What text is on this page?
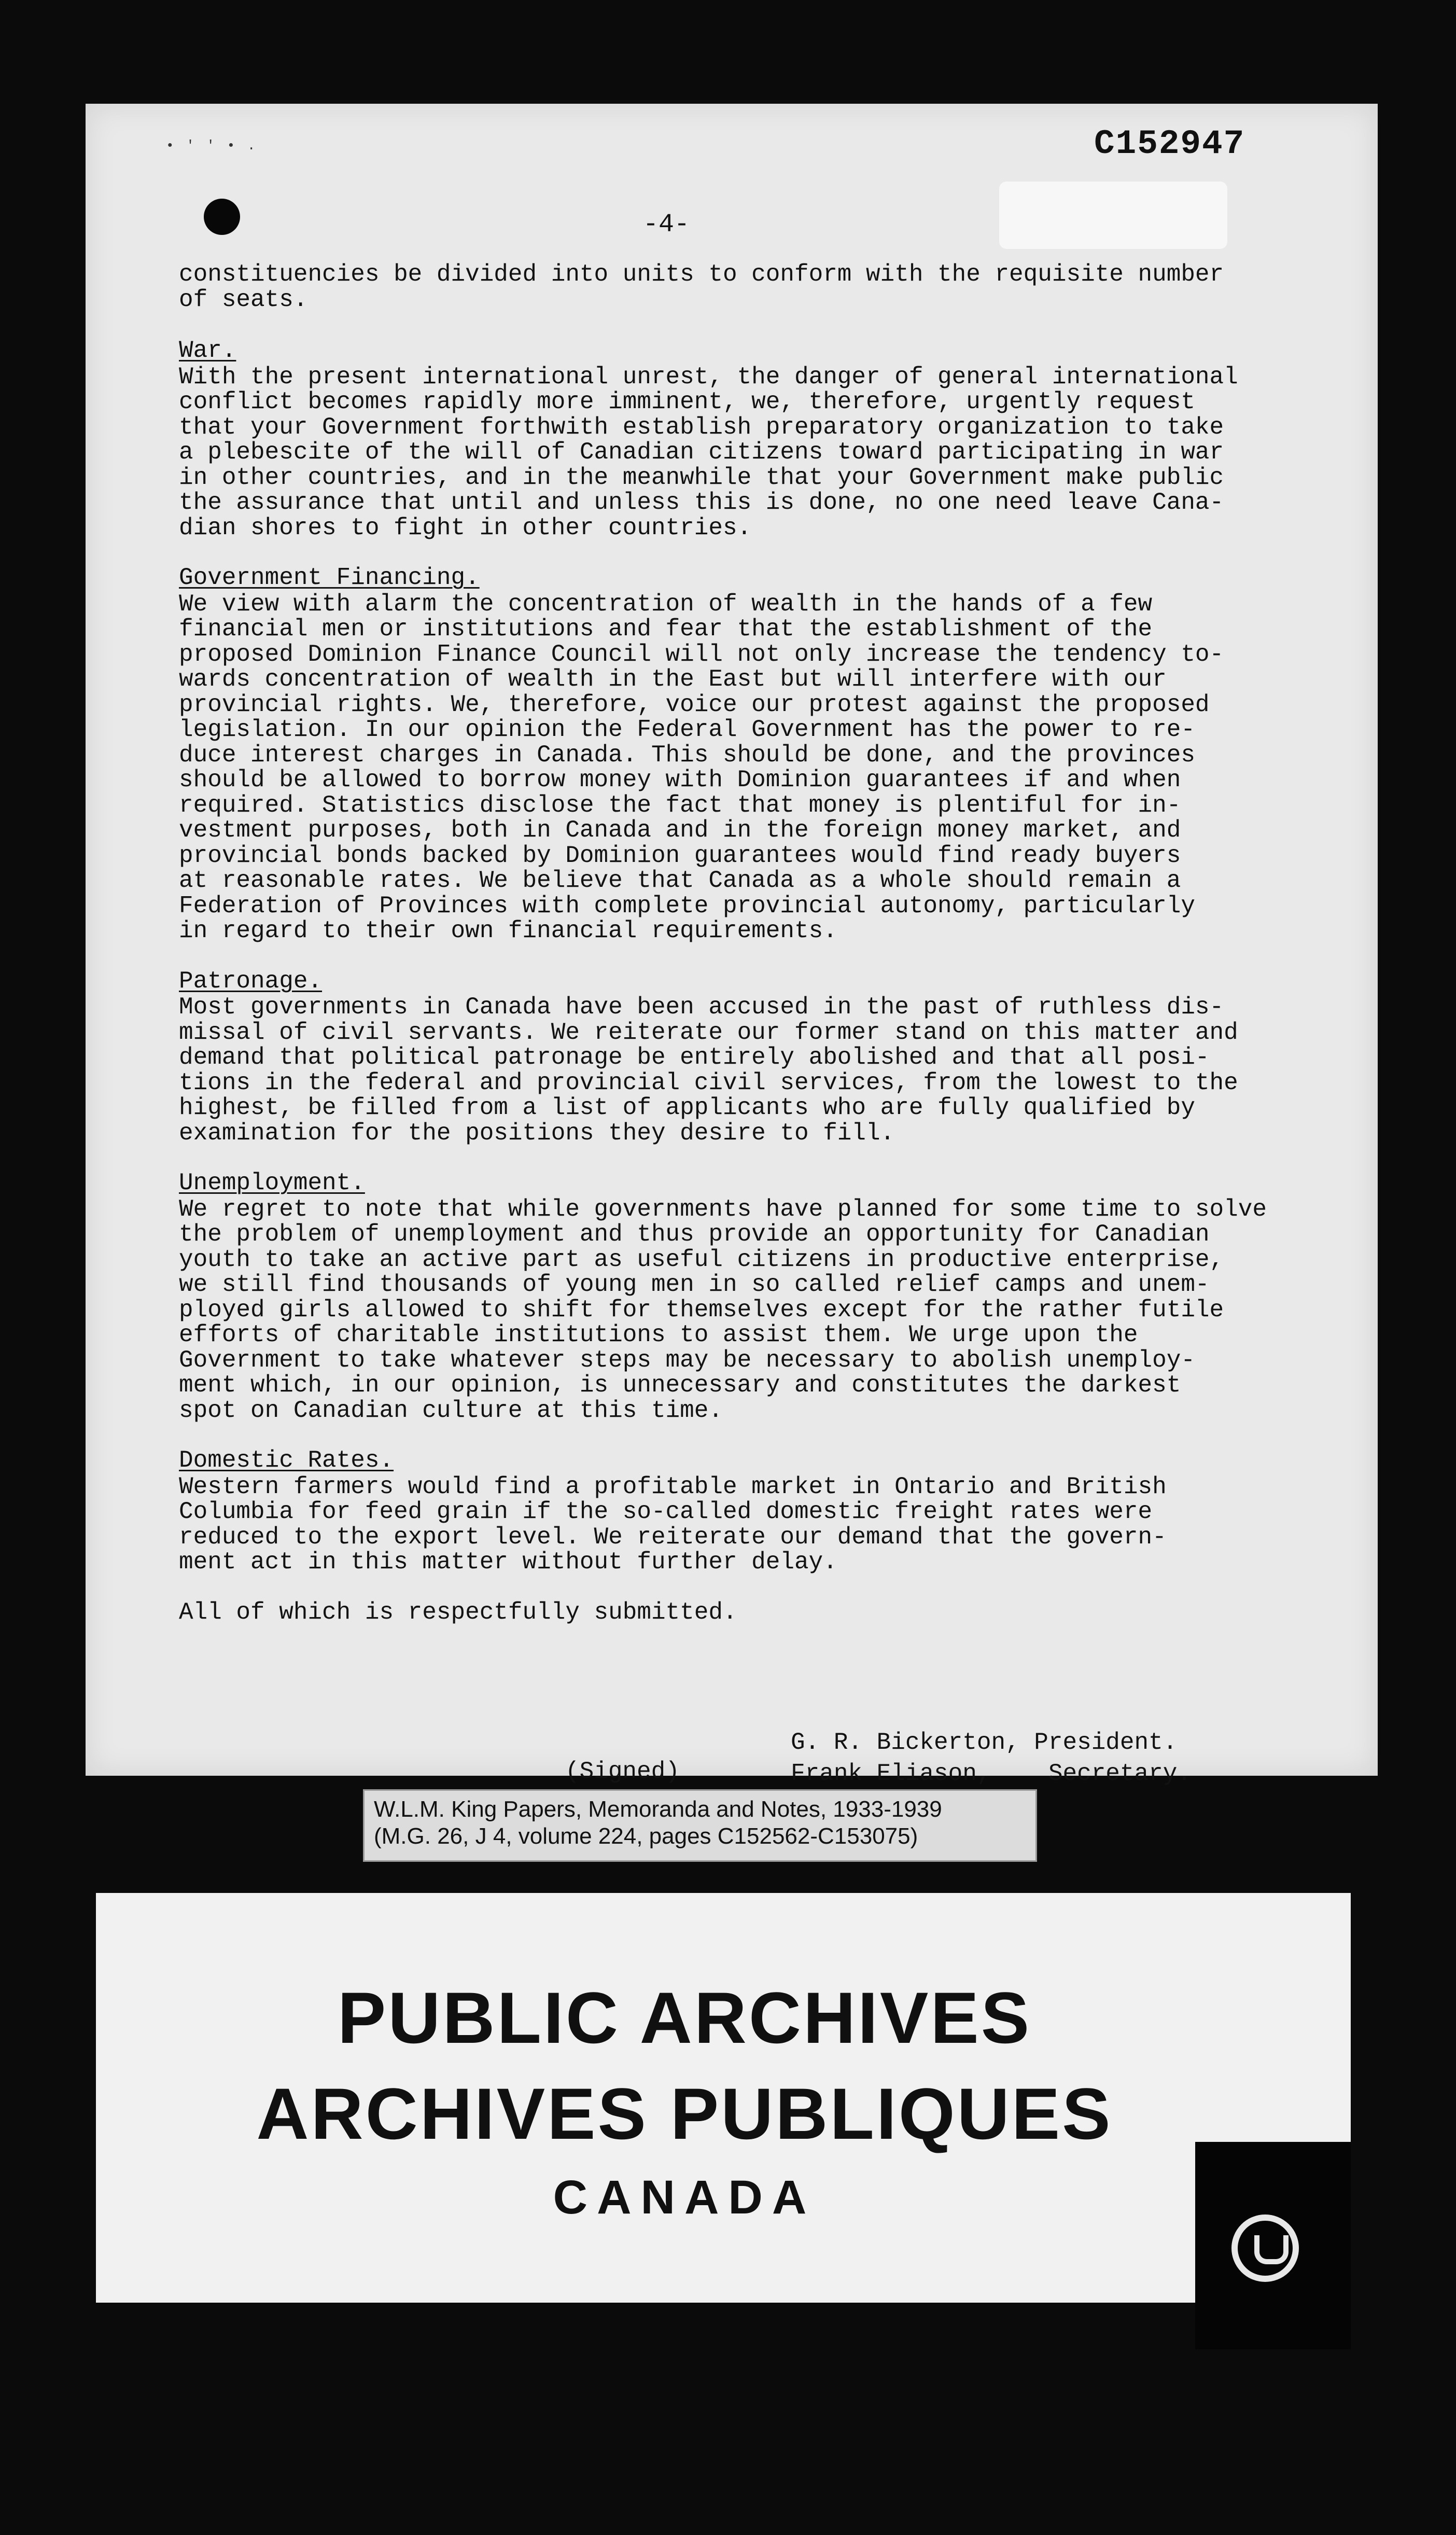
• ' ' • .	C152947
-4-
constituencies be divided into units to conform with the requisite number
of seats.
War.
With the present international unrest, the danger of general international
conflict becomes rapidly more imminent, we, therefore, urgently request
that your Government forthwith establish preparatory organization to take
a plebescite of the will of Canadian citizens toward participating in war
in other countries, and in the meanwhile that your Government make public
the assurance that until and unless this is done, no one need leave Cana-
dian shores to fight in other countries.
Government Financing.
We view with alarm the concentration of wealth in the hands of a few
financial men or institutions and fear that the establishment of the
proposed Dominion Finance Council will not only increase the tendency to-
wards concentration of wealth in the East but will interfere with our
provincial rights. We, therefore, voice our protest against the proposed
legislation. In our opinion the Federal Government has the power to re-
duce interest charges in Canada. This should be done, and the provinces
should be allowed to borrow money with Dominion guarantees if and when
required. Statistics disclose the fact that money is plentiful for in-
vestment purposes, both in Canada and in the foreign money market, and
provincial bonds backed by Dominion guarantees would find ready buyers
at reasonable rates. We believe that Canada as a whole should remain a
Federation of Provinces with complete provincial autonomy, particularly
in regard to their own financial requirements.
Patronage.
Most governments in Canada have been accused in the past of ruthless dis-
missal of civil servants. We reiterate our former stand on this matter and
demand that political patronage be entirely abolished and that all posi-
tions in the federal and provincial civil services, from the lowest to the
highest, be filled from a list of applicants who are fully qualified by
examination for the positions they desire to fill.
Unemployment.
We regret to note that while governments have planned for some time to solve
the problem of unemployment and thus provide an opportunity for Canadian
youth to take an active part as useful citizens in productive enterprise,
we still find thousands of young men in so called relief camps and unem-
ployed girls allowed to shift for themselves except for the rather futile
efforts of charitable institutions to assist them. We urge upon the
Government to take whatever steps may be necessary to abolish unemploy-
ment which, in our opinion, is unnecessary and constitutes the darkest
spot on Canadian culture at this time.
Domestic Rates.
Western farmers would find a profitable market in Ontario and British
Columbia for feed grain if the so-called domestic freight rates were
reduced to the export level. We reiterate our demand that the govern-
ment act in this matter without further delay.
All of which is respectfully submitted.
(Signed)
G. R. Bickerton, President.
Frank Eliason,    Secretary.
W.L.M. King Papers, Memoranda and Notes, 1933-1939
(M.G. 26, J 4, volume 224, pages C152562-C153075)
PUBLIC ARCHIVES
ARCHIVES PUBLIQUES
CANADA
